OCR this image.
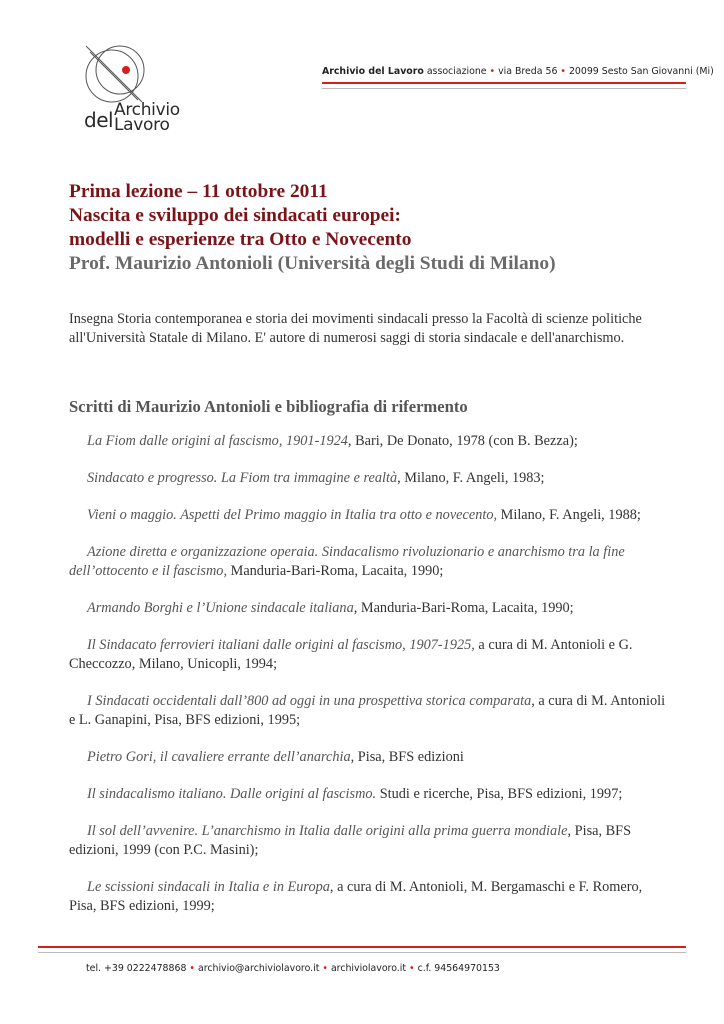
del Archivio
Lavoro
Archivio del Lavoro associazione • via Breda 56 • 20099 Sesto San Giovanni (Mi)
Prima lezione – 11 ottobre 2011
Nascita e sviluppo dei sindacati europei:
modelli e esperienze tra Otto e Novecento
Prof. Maurizio Antonioli (Università degli Studi di Milano)
Insegna Storia contemporanea e storia dei movimenti sindacali presso la Facoltà di scienze politiche all'Università Statale di Milano. E' autore di numerosi saggi di storia sindacale e dell'anarchismo.
Scritti di Maurizio Antonioli e bibliografia di rifermento
La Fiom dalle origini al fascismo, 1901-1924, Bari, De Donato, 1978 (con B. Bezza);
Sindacato e progresso. La Fiom tra immagine e realtà, Milano, F. Angeli, 1983;
Vieni o maggio. Aspetti del Primo maggio in Italia tra otto e novecento, Milano, F. Angeli, 1988;
Azione diretta e organizzazione operaia. Sindacalismo rivoluzionario e anarchismo tra la fine dell’ottocento e il fascismo, Manduria-Bari-Roma, Lacaita, 1990;
Armando Borghi e l’Unione sindacale italiana, Manduria-Bari-Roma, Lacaita, 1990;
Il Sindacato ferrovieri italiani dalle origini al fascismo, 1907-1925, a cura di M. Antonioli e G. Checcozzo, Milano, Unicopli, 1994;
I Sindacati occidentali dall’800 ad oggi in una prospettiva storica comparata, a cura di M. Antonioli e L. Ganapini, Pisa, BFS edizioni, 1995;
Pietro Gori, il cavaliere errante dell’anarchia, Pisa, BFS edizioni
Il sindacalismo italiano. Dalle origini al fascismo. Studi e ricerche, Pisa, BFS edizioni, 1997;
Il sol dell’avvenire. L’anarchismo in Italia dalle origini alla prima guerra mondiale, Pisa, BFS edizioni, 1999 (con P.C. Masini);
Le scissioni sindacali in Italia e in Europa, a cura di M. Antonioli, M. Bergamaschi e F. Romero, Pisa, BFS edizioni, 1999;
tel. +39 0222478868 • archivio@archiviolavoro.it • archiviolavoro.it • c.f. 94564970153
